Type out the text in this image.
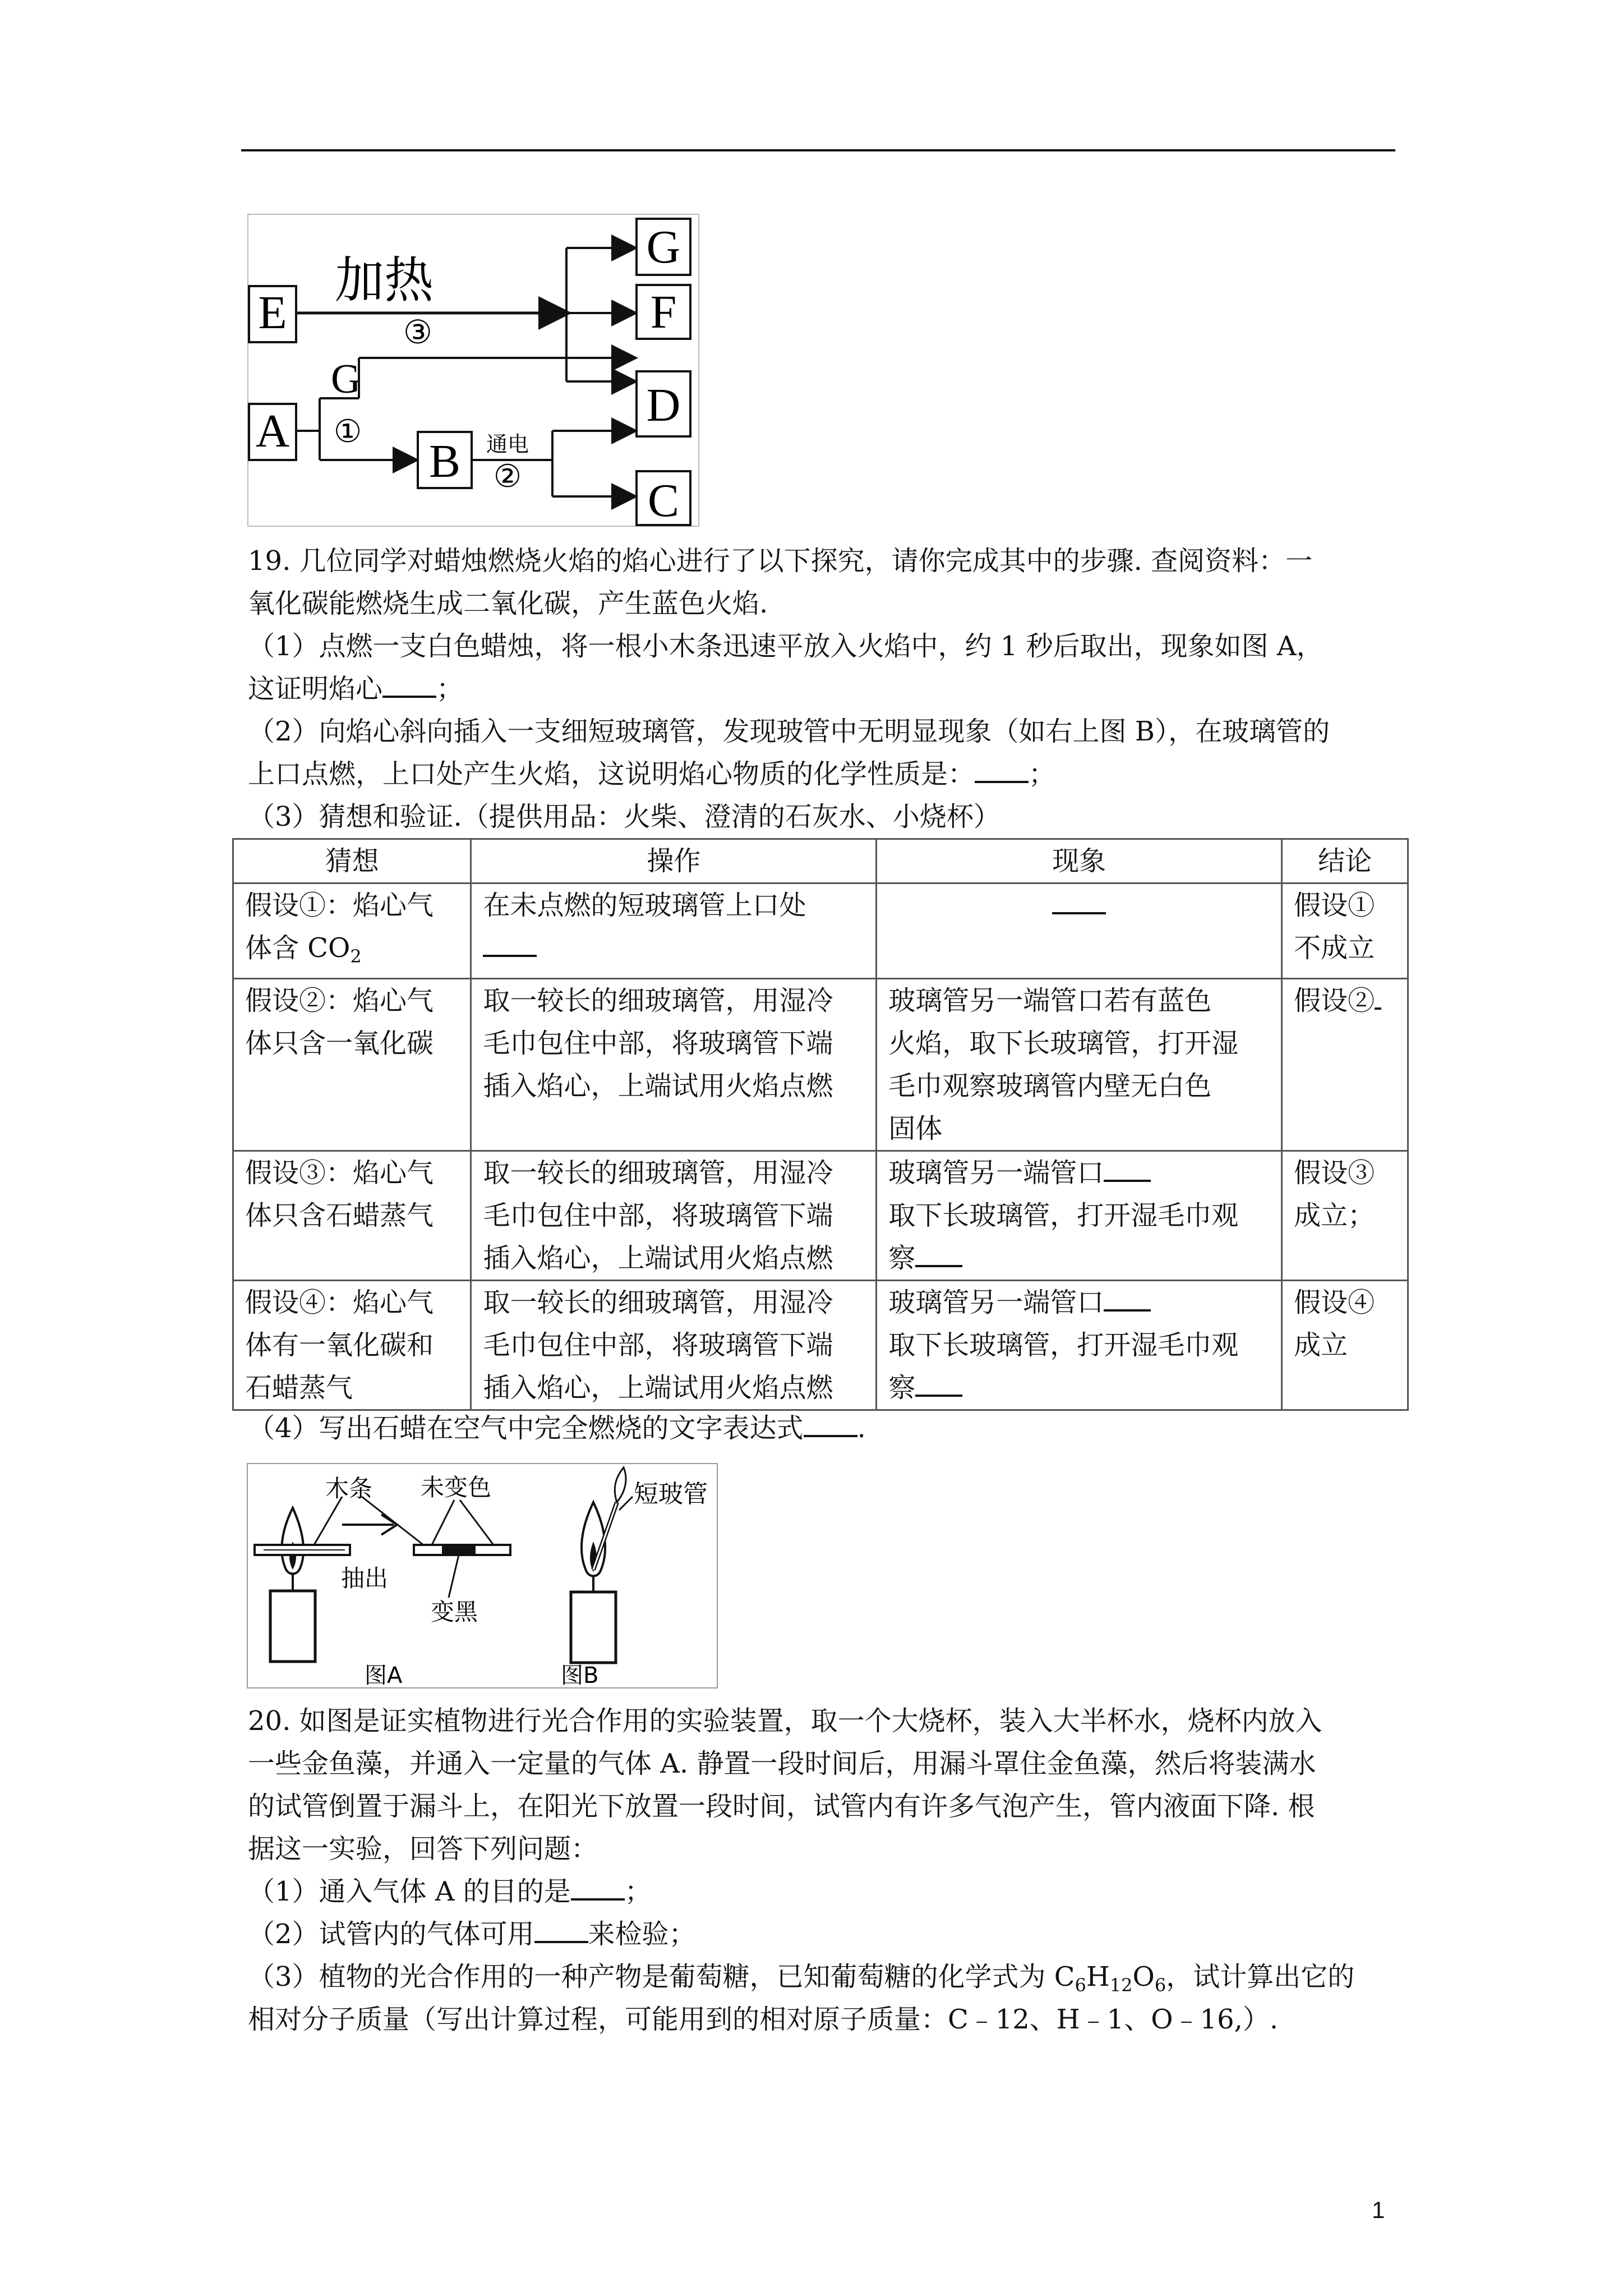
E
加热
③
G
F
D
C
A
G
①
B 通电
②
19. 几位同学对蜡烛燃烧火焰的焰心进行了以下探究，请你完成其中的步骤. 查阅资料：一
氧化碳能燃烧生成二氧化碳，产生蓝色火焰.
（1）点燃一支白色蜡烛，将一根小木条迅速平放入火焰中，约 1 秒后取出，现象如图 A，
这证明焰心 ；
（2）向焰心斜向插入一支细短玻璃管，发现玻管中无明显现象（如右上图 B），在玻璃管的
上口点燃，上口处产生火焰，这说明焰心物质的化学性质是： ；
（3）猜想和验证.（提供用品：火柴、澄清的石灰水、小烧杯）
猜想	操作	现象	结论
假设①：焰心气
体含 $CO_2$	在未点燃的短玻璃管上口处		假设①
不成立
假设②：焰心气
体只含一氧化碳	取一较长的细玻璃管，用湿冷
毛巾包住中部，将玻璃管下端
插入焰心，上端试用火焰点燃	玻璃管另一端管口若有蓝色
火焰，取下长玻璃管，打开湿
毛巾观察玻璃管内壁无白色
固体	假设②
假设③：焰心气
体只含石蜡蒸气	取一较长的细玻璃管，用湿冷
毛巾包住中部，将玻璃管下端
插入焰心，上端试用火焰点燃	玻璃管另一端管口
取下长玻璃管，打开湿毛巾观
察	假设③
成立；
假设④：焰心气
体有一氧化碳和
石蜡蒸气	取一较长的细玻璃管，用湿冷
毛巾包住中部，将玻璃管下端
插入焰心，上端试用火焰点燃	玻璃管另一端管口
取下长玻璃管，打开湿毛巾观
察	假设④
成立
（4）写出石蜡在空气中完全燃烧的文字表达式 .
木条
抽出
未变色
变黑
短玻管
图A	图B
20. 如图是证实植物进行光合作用的实验装置，取一个大烧杯，装入大半杯水，烧杯内放入
一些金鱼藻，并通入一定量的气体 A. 静置一段时间后，用漏斗罩住金鱼藻，然后将装满水
的试管倒置于漏斗上，在阳光下放置一段时间，试管内有许多气泡产生，管内液面下降. 根
据这一实验，回答下列问题：
（1）通入气体 A 的目的是 ；
（2）试管内的气体可用 来检验；
（3）植物的光合作用的一种产物是葡萄糖，已知葡萄糖的化学式为 $C_6H_{12}O_6$，试计算出它的
相对分子质量（写出计算过程，可能用到的相对原子质量：C﹣12、H﹣1、O﹣16,）.
1
